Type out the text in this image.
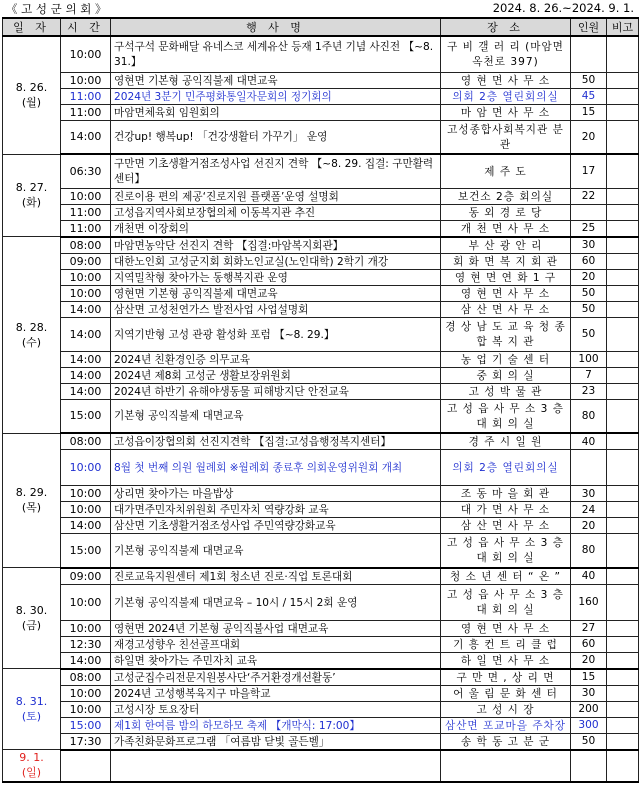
《 고 성 군 의 회 》	2024. 8. 26.~2024. 9. 1.
일 자	시 간	행 사 명	장 소	인원	비고

8. 26.
(월)	10:00	구석구석 문화배달 유네스코 세계유산 등재 1주년 기념 사진전 【~8. 31.】	구 비 갤 러 리 (마암면 옥천로 397)		
	10:00	영현면 기본형 공익직불제 대면교육	영 현 면 사 무 소	50	
	11:00	2024년 3분기 민주평화통일자문회의 정기회의	의회 2층 열린회의실	45	
	11:00	마암면체육회 임원회의	마 암 면 사 무 소	15	
	14:00	건강up! 행복up! 「건강생활터 가꾸기」 운영	고성종합사회복지관 분 관	20	

8. 27.
(화)	06:30	구만면 기초생활거점조성사업 선진지 견학 【~8. 29. 집결: 구만활력센터】	제 주 도	17	
	10:00	진로이용 편의 제공‘진로지원 플랫폼’운영 설명회	보건소 2층 회의실	22	
	11:00	고성읍지역사회보장협의체 이동복지관 추진	동 외 경 로 당		
	11:00	개천면 이장회의	개 천 면 사 무 소	25	

8. 28.
(수)	08:00	마암면농악단 선진지 견학 【집결:마암복지회관】	부 산 광 안 리	30	
	09:00	대한노인회 고성군지회 회화노인교실(노인대학) 2학기 개강	회 화 면 복 지 회 관	60	
	10:00	지역밀착형 찾아가는 동행복지관 운영	영 현 면 연 화 1 구	20	
	10:00	영현면 기본형 공익직불제 대면교육	영 현 면 사 무 소	50	
	14:00	삼산면 고성천연가스 발전사업 사업설명회	삼 산 면 사 무 소	50	
	14:00	지역기반형 고성 관광 활성화 포럼 【~8. 29.】	경 상 남 도 교 육 청 종 합 복 지 관	50	
	14:00	2024년 친환경인증 의무교육	농 업 기 술 센 터	100	
	14:00	2024년 제8회 고성군 생활보장위원회	중 회 의 실	7	
	14:00	2024년 하반기 유해야생동물 피해방지단 안전교육	고 성 박 물 관	23	
	15:00	기본형 공익직불제 대면교육	고 성 읍 사 무 소 3 층 대 회 의 실	80	

8. 29.
(목)	08:00	고성읍이장협의회 선진지견학 【집결:고성읍행정복지센터】	경 주 시 일 원	40	
	10:00	8월 첫 번째 의원 월례회 ※월례회 종료후 의회운영위원회 개최	의회 2층 열린회의실		
	10:00	상리면 찾아가는 마을밥상	조 동 마 을 회 관	30	
	10:00	대가면주민자치위원회 주민자치 역량강화 교육	대 가 면 사 무 소	24	
	14:00	삼산면 기초생활거점조성사업 주민역량강화교육	삼 산 면 사 무 소	20	
	15:00	기본형 공익직불제 대면교육	고 성 읍 사 무 소 3 층 대 회 의 실	80	

8. 30.
(금)	09:00	진로교육지원센터 제1회 청소년 진로·직업 토론대회	청 소 년 센 터 “ 온 ”	40	
	10:00	기본형 공익직불제 대면교육 – 10시 / 15시 2회 운영	고 성 읍 사 무 소 3 층 대 회 의 실	160	
	10:00	영현면 2024년 기본형 공익직불사업 대면교육	영 현 면 사 무 소	27	
	12:30	재경고성향우 친선골프대회	기 흥 컨 트 리 클 럽	60	
	14:00	하일면 찾아가는 주민자치 교육	하 일 면 사 무 소	20	

8. 31.
(토)	08:00	고성군집수리전문지원봉사단‘주거환경개선활동’	구 만 면 , 상 리 면	15	
	10:00	2024년 고성행복육지구 마을학교	어 울 림 문 화 센 터	30	
	10:00	고성시장 토요장터	고 성 시 장	200	
	15:00	제1회 한여름 밤의 하모하모 축제 【개막식: 17:00】	삼산면 포교마을 주차장	300	
	17:30	가족친화문화프로그램 「여름밤 닫빛 골든벨」	송 학 동 고 분 군	50	

9. 1.
(일)					
